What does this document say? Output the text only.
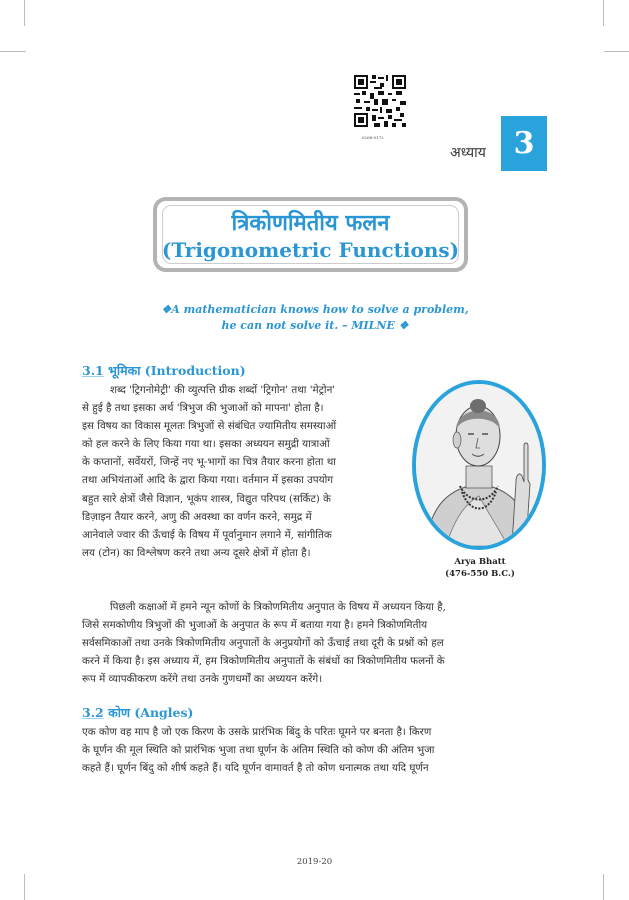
0268-0172
अध्याय 3
त्रिकोणमितीय फलन
(Trigonometric Functions)
❖A mathematician knows how to solve a problem,
he can not solve it. – MILNE ❖
3.1 भूमिका (Introduction)
शब्द 'ट्रिगनोमेट्री' की व्युत्पत्ति ग्रीक शब्दों 'ट्रिगोन' तथा 'मेट्रोन'
से हुई है तथा इसका अर्थ 'त्रिभुज की भुजाओं को मापना' होता है।
इस विषय का विकास मूलतः त्रिभुजों से संबंधित ज्यामितीय समस्याओं
को हल करने के लिए किया गया था। इसका अध्ययन समुद्री यात्राओं
के कप्तानों, सर्वेयरों, जिन्हें नए भू-भागों का चित्र तैयार करना होता था
तथा अभियंताओं आदि के द्वारा किया गया। वर्तमान में इसका उपयोग
बहुत सारे क्षेत्रों जैसे विज्ञान, भूकंप शास्त्र, विद्युत परिपथ (सर्किट) के
डिज़ाइन तैयार करने, अणु की अवस्था का वर्णन करने, समुद्र में
आनेवाले ज्वार की ऊँचाई के विषय में पूर्वानुमान लगाने में, सांगीतिक
लय (टोन) का विश्लेषण करने तथा अन्य दूसरे क्षेत्रों में होता है।
Arya Bhatt
(476-550 B.C.)
पिछली कक्षाओं में हमने न्यून कोणों के त्रिकोणमितीय अनुपात के विषय में अध्ययन किया है,
जिसे समकोणीय त्रिभुजों की भुजाओं के अनुपात के रूप में बताया गया है। हमने त्रिकोणमितीय
सर्वसमिकाओं तथा उनके त्रिकोणमितीय अनुपातों के अनुप्रयोगों को ऊँचाई तथा दूरी के प्रश्नों को हल
करने में किया है। इस अध्याय में, हम त्रिकोणमितीय अनुपातों के संबंधों का त्रिकोणमितीय फलनों के
रूप में व्यापकीकरण करेंगे तथा उनके गुणधर्मों का अध्ययन करेंगे।
3.2 कोण (Angles)
एक कोण वह माप है जो एक किरण के उसके प्रारंभिक बिंदु के परितः घूमने पर बनता है। किरण
के घूर्णन की मूल स्थिति को प्रारंभिक भुजा तथा घूर्णन के अंतिम स्थिति को कोण की अंतिम भुजा
कहते हैं। घूर्णन बिंदु को शीर्ष कहते हैं। यदि घूर्णन वामावर्त है तो कोण धनात्मक तथा यदि घूर्णन
2019-20
